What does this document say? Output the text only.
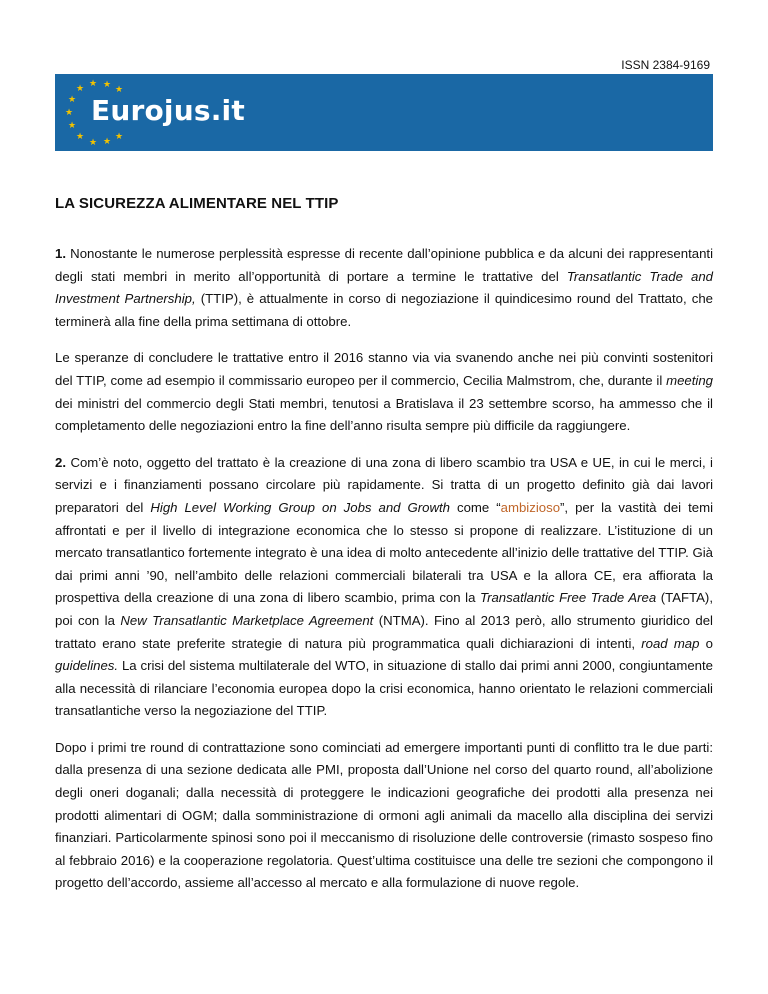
ISSN 2384-9169
★ ★ ★ ★
★
★
★
★
★ ★ ★
Eurojus.it
LA SICUREZZA ALIMENTARE NEL TTIP

1. Nonostante le numerose perplessità espresse di recente dall’opinione pubblica e da alcuni dei rappresentanti degli stati membri in merito all’opportunità di portare a termine le trattative del Transatlantic Trade and Investment Partnership, (TTIP), è attualmente in corso di negoziazione il quindicesimo round del Trattato, che terminerà alla fine della prima settimana di ottobre.

Le speranze di concludere le trattative entro il 2016 stanno via via svanendo anche nei più convinti sostenitori del TTIP, come ad esempio il commissario europeo per il commercio, Cecilia Malmstrom, che, durante il meeting dei ministri del commercio degli Stati membri, tenutosi a Bratislava il 23 settembre scorso, ha ammesso che il completamento delle negoziazioni entro la fine dell’anno risulta sempre più difficile da raggiungere.

2. Com’è noto, oggetto del trattato è la creazione di una zona di libero scambio tra USA e UE, in cui le merci, i servizi e i finanziamenti possano circolare più rapidamente. Si tratta di un progetto definito già dai lavori preparatori del High Level Working Group on Jobs and Growth come “ambizioso”, per la vastità dei temi affrontati e per il livello di integrazione economica che lo stesso si propone di realizzare. L’istituzione di un mercato transatlantico fortemente integrato è una idea di molto antecedente all’inizio delle trattative del TTIP. Già dai primi anni ’90, nell’ambito delle relazioni commerciali bilaterali tra USA e la allora CE, era affiorata la prospettiva della creazione di una zona di libero scambio, prima con la Transatlantic Free Trade Area (TAFTA), poi con la New Transatlantic Marketplace Agreement (NTMA). Fino al 2013 però, allo strumento giuridico del trattato erano state preferite strategie di natura più programmatica quali dichiarazioni di intenti, road map o guidelines. La crisi del sistema multilaterale del WTO, in situazione di stallo dai primi anni 2000, congiuntamente alla necessità di rilanciare l’economia europea dopo la crisi economica, hanno orientato le relazioni commerciali transatlantiche verso la negoziazione del TTIP.

Dopo i primi tre round di contrattazione sono cominciati ad emergere importanti punti di conflitto tra le due parti: dalla presenza di una sezione dedicata alle PMI, proposta dall’Unione nel corso del quarto round, all’abolizione degli oneri doganali; dalla necessità di proteggere le indicazioni geografiche dei prodotti alla presenza nei prodotti alimentari di OGM; dalla somministrazione di ormoni agli animali da macello alla disciplina dei servizi finanziari. Particolarmente spinosi sono poi il meccanismo di risoluzione delle controversie (rimasto sospeso fino al febbraio 2016) e la cooperazione regolatoria. Quest’ultima costituisce una delle tre sezioni che compongono il progetto dell’accordo, assieme all’accesso al mercato e alla formulazione di nuove regole.
